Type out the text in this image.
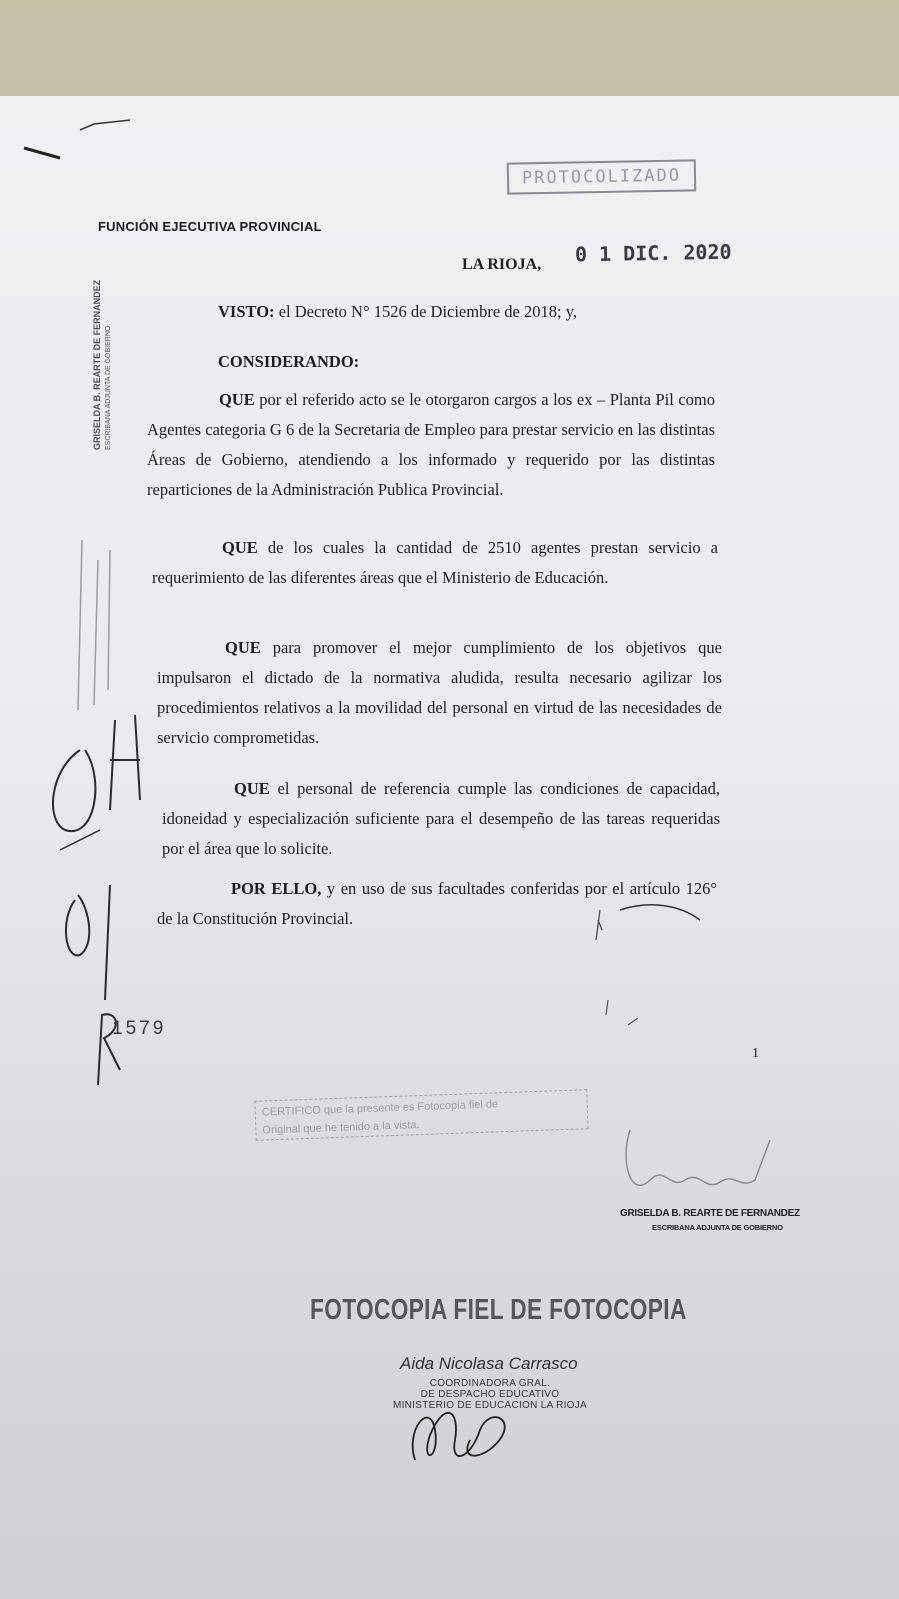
FUNCIÓN EJECUTIVA PROVINCIAL
PROTOCOLIZADO
LA RIOJA, 0 1 DIC. 2020
GRISELDA B. REARTE DE FERNANDEZ ESCRIBANA ADJUNTA DE GOBIERNO
VISTO: el Decreto N° 1526 de Diciembre de 2018; y,
CONSIDERANDO:
QUE por el referido acto se le otorgaron cargos a los ex – Planta Pil como Agentes categoria G 6 de la Secretaria de Empleo para prestar servicio en las distintas Áreas de Gobierno, atendiendo a los informado y requerido por las distintas reparticiones de la Administración Publica Provincial.
QUE de los cuales la cantidad de 2510 agentes prestan servicio a requerimiento de las diferentes áreas que el Ministerio de Educación.
QUE para promover el mejor cumplimiento de los objetivos que impulsaron el dictado de la normativa aludida, resulta necesario agilizar los procedimientos relativos a la movilidad del personal en virtud de las necesidades de servicio comprometidas.
QUE el personal de referencia cumple las condiciones de capacidad, idoneidad y especialización suficiente para el desempeño de las tareas requeridas por el área que lo solicite.
POR ELLO, y en uso de sus facultades conferidas por el artículo 126° de la Constitución Provincial.
1579
1
CERTIFICO que la presente es Fotocopia fiel de
Original que he tenido a la vista.
GRISELDA B. REARTE DE FERNANDEZ
ESCRIBANA ADJUNTA DE GOBIERNO
FOTOCOPIA FIEL DE FOTOCOPIA
Aida Nicolasa Carrasco
COORDINADORA GRAL.
DE DESPACHO EDUCATIVO
MINISTERIO DE EDUCACION LA RIOJA
